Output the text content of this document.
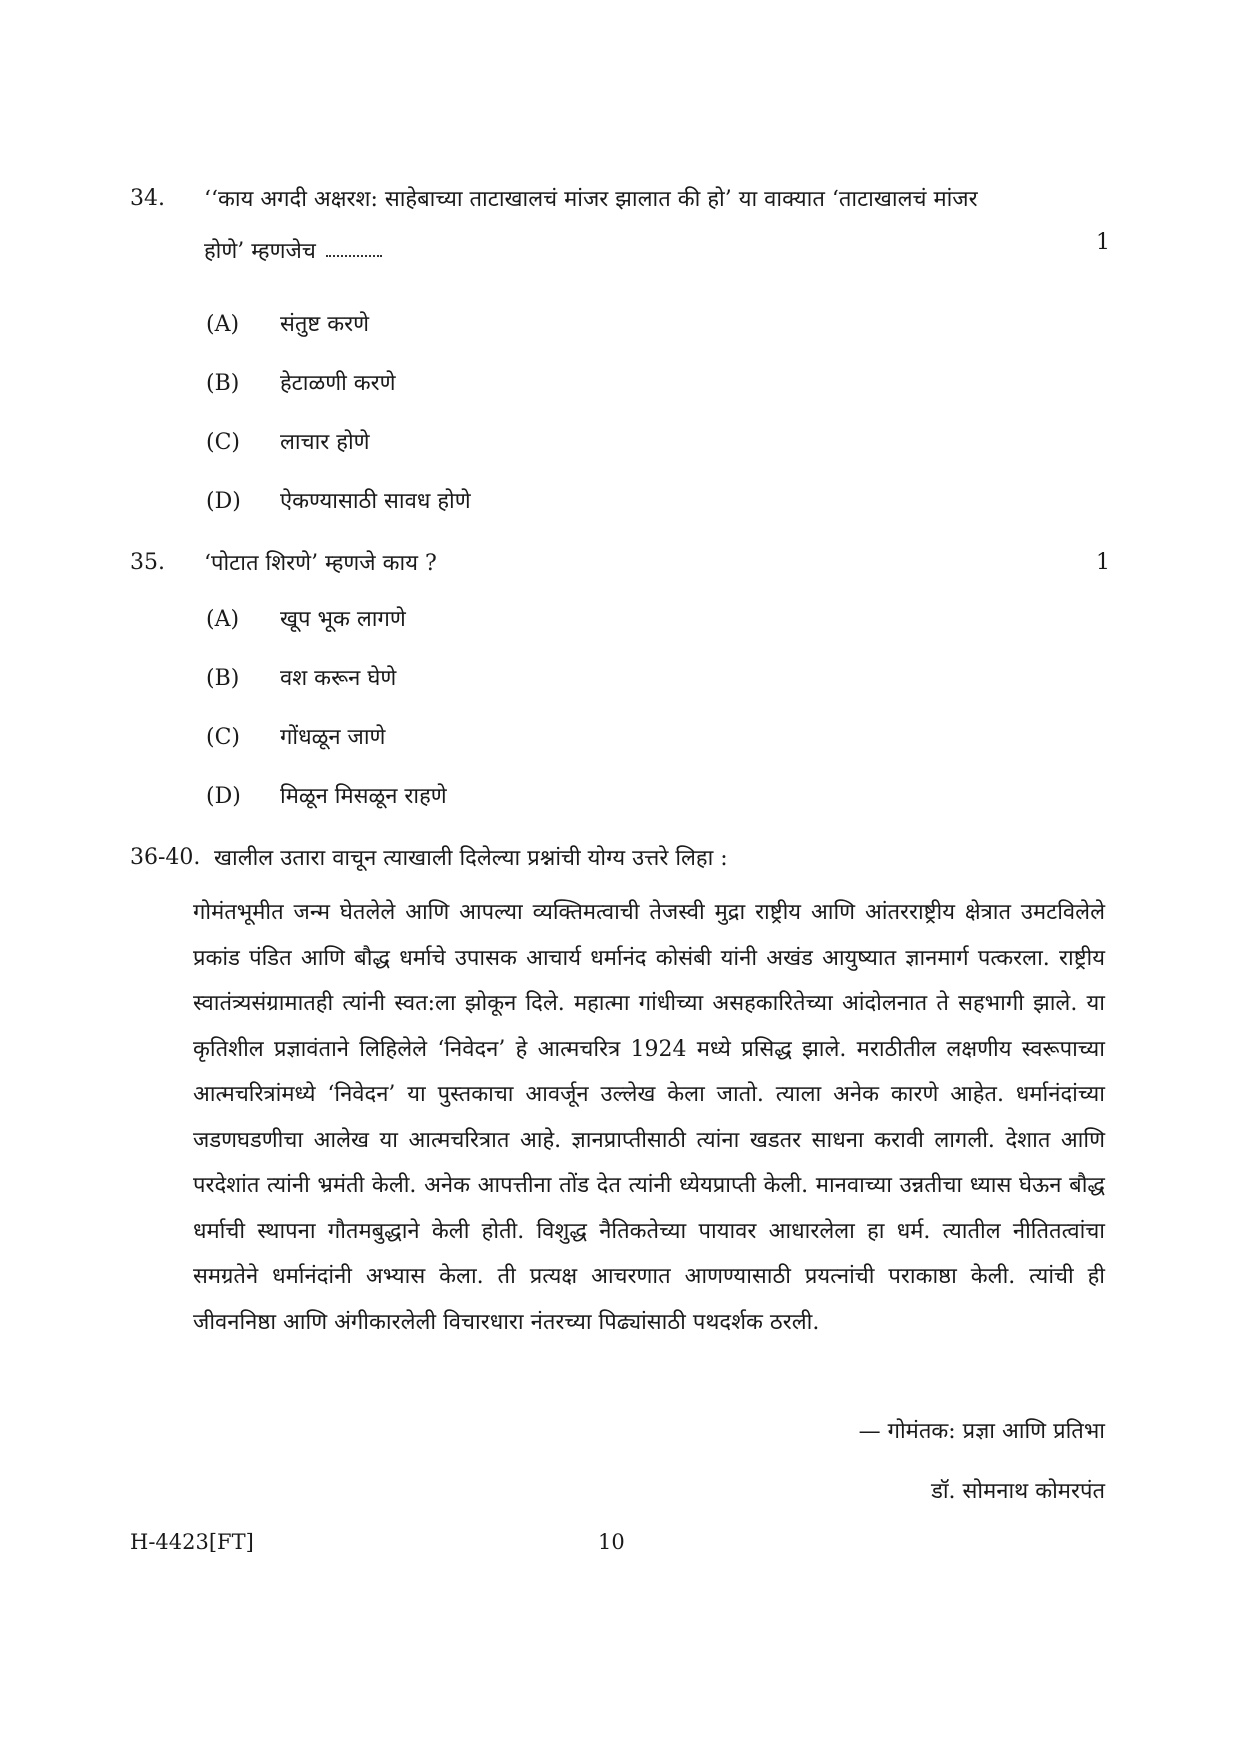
34. ‘‘काय अगदी अक्षरश: साहेबाच्या ताटाखालचं मांजर झालात की हो’ या वाक्यात ‘ताटाखालचं मांजर
होणे’ म्हणजेच	1
(A) संतुष्ट करणे
(B) हेटाळणी करणे
(C) लाचार होणे
(D) ऐकण्यासाठी सावध होणे
35. ‘पोटात शिरणे’ म्हणजे काय ?	1
(A) खूप भूक लागणे
(B) वश करून घेणे
(C) गोंधळून जाणे
(D) मिळून मिसळून राहणे
36-40. खालील उतारा वाचून त्याखाली दिलेल्या प्रश्नांची योग्य उत्तरे लिहा :
गोमंतभूमीत जन्म घेतलेले आणि आपल्या व्यक्तिमत्वाची तेजस्वी मुद्रा राष्ट्रीय आणि आंतरराष्ट्रीय क्षेत्रात उमटविलेले प्रकांड पंडित आणि बौद्ध धर्माचे उपासक आचार्य धर्मानंद कोसंबी यांनी अखंड आयुष्यात ज्ञानमार्ग पत्करला. राष्ट्रीय स्वातंत्र्यसंग्रामातही त्यांनी स्वत:ला झोकून दिले. महात्मा गांधीच्या असहकारितेच्या आंदोलनात ते सहभागी झाले. या कृतिशील प्रज्ञावंताने लिहिलेले ‘निवेदन’ हे आत्मचरित्र 1924 मध्ये प्रसिद्ध झाले. मराठीतील लक्षणीय स्वरूपाच्या आत्मचरित्रांमध्ये ‘निवेदन’ या पुस्तकाचा आवर्जून उल्लेख केला जातो. त्याला अनेक कारणे आहेत. धर्मानंदांच्या जडणघडणीचा आलेख या आत्मचरित्रात आहे. ज्ञानप्राप्तीसाठी त्यांना खडतर साधना करावी लागली. देशात आणि परदेशांत त्यांनी भ्रमंती केली. अनेक आपत्तीना तोंड देत त्यांनी ध्येयप्राप्ती केली. मानवाच्या उन्नतीचा ध्यास घेऊन बौद्ध धर्माची स्थापना गौतमबुद्धाने केली होती. विशुद्ध नैतिकतेच्या पायावर आधारलेला हा धर्म. त्यातील नीतितत्वांचा समग्रतेने धर्मानंदांनी अभ्यास केला. ती प्रत्यक्ष आचरणात आणण्यासाठी प्रयत्नांची पराकाष्ठा केली. त्यांची ही जीवननिष्ठा आणि अंगीकारलेली विचारधारा नंतरच्या पिढ्यांसाठी पथदर्शक ठरली.
— गोमंतक: प्रज्ञा आणि प्रतिभा
डॉ. सोमनाथ कोमरपंत
H-4423[FT]	10
